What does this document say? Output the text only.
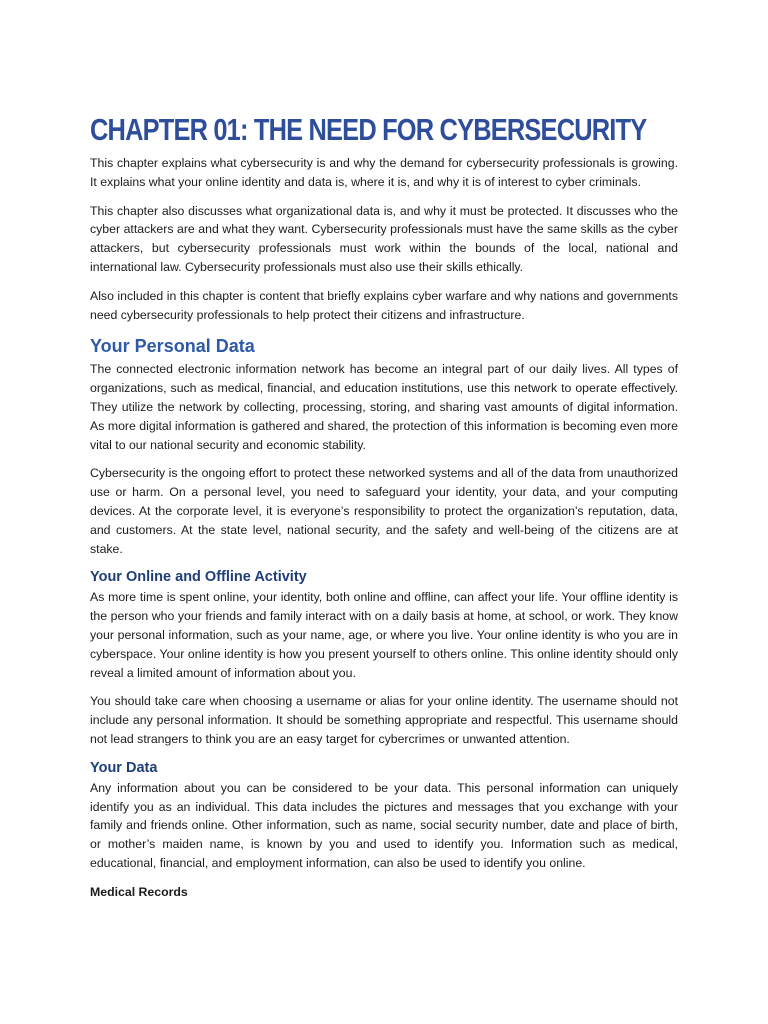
CHAPTER 01: THE NEED FOR CYBERSECURITY

This chapter explains what cybersecurity is and why the demand for cybersecurity professionals is growing. It explains what your online identity and data is, where it is, and why it is of interest to cyber criminals.

This chapter also discusses what organizational data is, and why it must be protected. It discusses who the cyber attackers are and what they want. Cybersecurity professionals must have the same skills as the cyber attackers, but cybersecurity professionals must work within the bounds of the local, national and international law. Cybersecurity professionals must also use their skills ethically.

Also included in this chapter is content that briefly explains cyber warfare and why nations and governments need cybersecurity professionals to help protect their citizens and infrastructure.

Your Personal Data

The connected electronic information network has become an integral part of our daily lives. All types of organizations, such as medical, financial, and education institutions, use this network to operate effectively. They utilize the network by collecting, processing, storing, and sharing vast amounts of digital information. As more digital information is gathered and shared, the protection of this information is becoming even more vital to our national security and economic stability.

Cybersecurity is the ongoing effort to protect these networked systems and all of the data from unauthorized use or harm. On a personal level, you need to safeguard your identity, your data, and your computing devices. At the corporate level, it is everyone’s responsibility to protect the organization’s reputation, data, and customers. At the state level, national security, and the safety and well-being of the citizens are at stake.

Your Online and Offline Activity

As more time is spent online, your identity, both online and offline, can affect your life. Your offline identity is the person who your friends and family interact with on a daily basis at home, at school, or work. They know your personal information, such as your name, age, or where you live. Your online identity is who you are in cyberspace. Your online identity is how you present yourself to others online. This online identity should only reveal a limited amount of information about you.

You should take care when choosing a username or alias for your online identity. The username should not include any personal information. It should be something appropriate and respectful. This username should not lead strangers to think you are an easy target for cybercrimes or unwanted attention.

Your Data

Any information about you can be considered to be your data. This personal information can uniquely identify you as an individual. This data includes the pictures and messages that you exchange with your family and friends online. Other information, such as name, social security number, date and place of birth, or mother’s maiden name, is known by you and used to identify you. Information such as medical, educational, financial, and employment information, can also be used to identify you online.

Medical Records
